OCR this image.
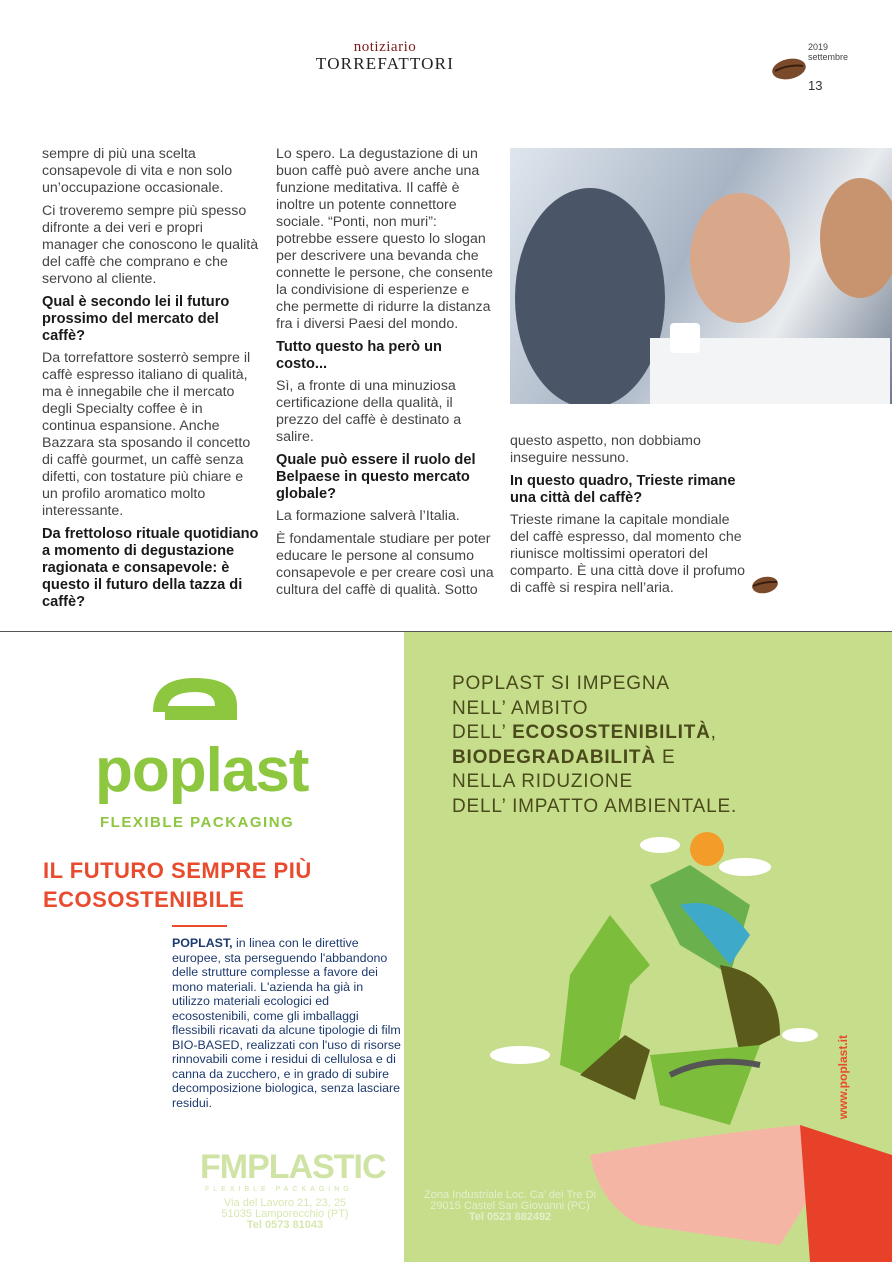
notiziario
TORREFATTORI
2019
settembre
13

sempre di più una scelta consapevole di vita e non solo un’occupazione occasionale.

Ci troveremo sempre più spesso difronte a dei veri e propri manager che conoscono le qualità del caffè che comprano e che servono al cliente.

Qual è secondo lei il futuro prossimo del mercato del caffè?

Da torrefattore sosterrò sempre il caffè espresso italiano di qualità, ma è innegabile che il mercato degli Specialty coffee è in continua espansione. Anche Bazzara sta sposando il concetto di caffè gourmet, un caffè senza difetti, con tostature più chiare e un profilo aromatico molto interessante.

Da frettoloso rituale quotidiano a momento di degustazione ragionata e consapevole: è questo il futuro della tazza di caffè?

Lo spero. La degustazione di un buon caffè può avere anche una funzione meditativa. Il caffè è inoltre un potente connettore sociale. “Ponti, non muri”: potrebbe essere questo lo slogan per descrivere una bevanda che connette le persone, che consente la condivisione di esperienze e che permette di ridurre la distanza fra i diversi Paesi del mondo.

Tutto questo ha però un costo...

Sì, a fronte di una minuziosa certificazione della qualità, il prezzo del caffè è destinato a salire.

Quale può essere il ruolo del Belpaese in questo mercato globale?

La formazione salverà l’Italia.

È fondamentale studiare per poter educare le persone al consumo consapevole e per creare così una cultura del caffè di qualità. Sotto

questo aspetto, non dobbiamo inseguire nessuno.

In questo quadro, Trieste rimane una città del caffè?

Trieste rimane la capitale mondiale del caffè espresso, dal momento che riunisce moltissimi operatori del comparto. È una città dove il profumo di caffè si respira nell’aria.

poplast
FLEXIBLE PACKAGING
IL FUTURO SEMPRE PIÙ
ECOSOSTENIBILE
POPLAST, in linea con le direttive europee, sta perseguendo l'abbandono delle strutture complesse a favore dei mono materiali. L'azienda ha già in utilizzo materiali ecologici ed ecosostenibili, come gli imballaggi flessibili ricavati da alcune tipologie di film BIO-BASED, realizzati con l'uso di risorse rinnovabili come i residui di cellulosa e di canna da zucchero, e in grado di subire decomposizione biologica, senza lasciare residui.
FMPLASTIC
FLEXIBLE PACKAGING
Via del Lavoro 21, 23, 25
51035 Lamporecchio (PT)
Tel 0573 81043
POPLAST SI IMPEGNA
NELL’ AMBITO
DELL’ ECOSOSTENIBILITÀ,
BIODEGRADABILITÀ E
NELLA RIDUZIONE
DELL’ IMPATTO AMBIENTALE.
Zona Industriale Loc. Ca’ dei Tre Di
29015 Castel San Giovanni (PC)
Tel 0523 882492
www.poplast.it
